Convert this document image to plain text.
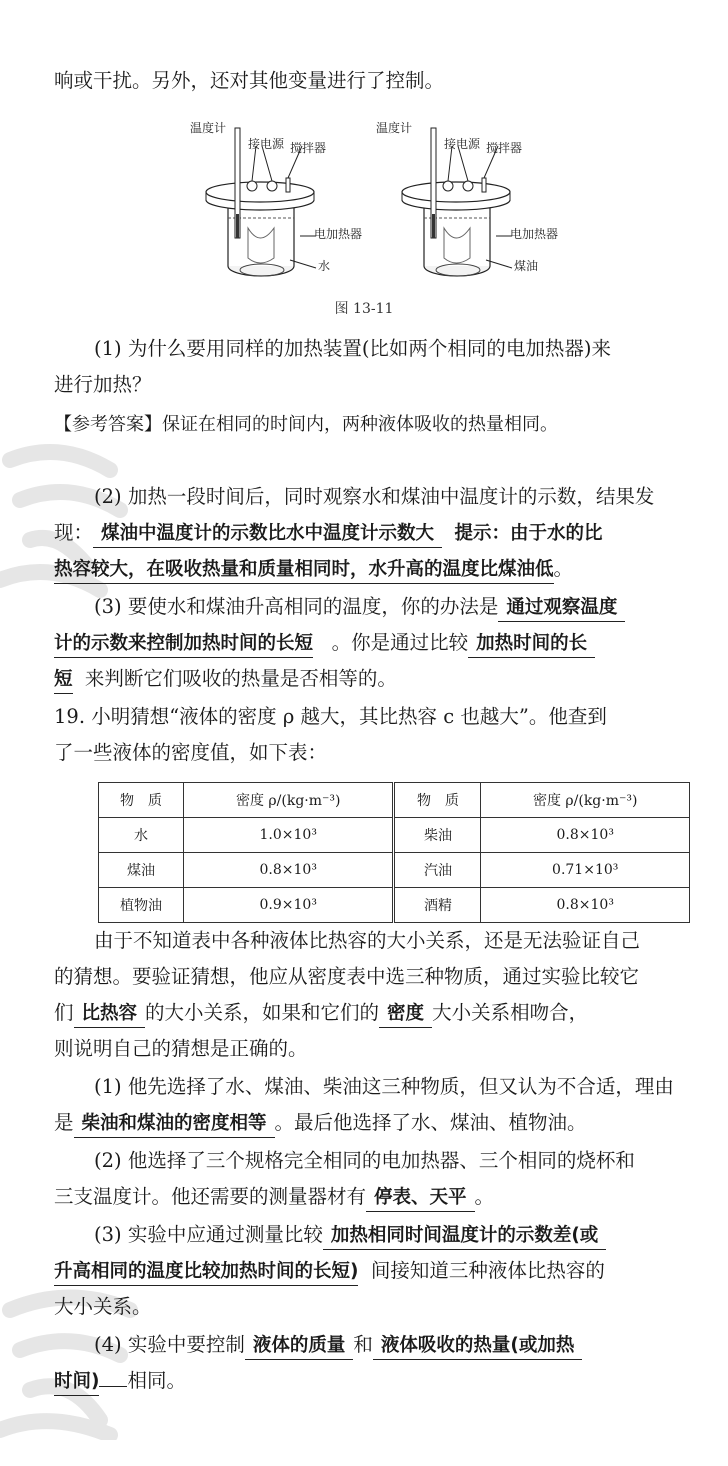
响或干扰。另外，还对其他变量进行了控制。
温度计
接电源 搅拌器
电加热器
水
温度计
接电源 搅拌器
电加热器
煤油
图 13-11
(1) 为什么要用同样的加热装置(比如两个相同的电加热器)来
进行加热？
【参考答案】保证在相同的时间内，两种液体吸收的热量相同。
(2) 加热一段时间后，同时观察水和煤油中温度计的示数，结果发
现： 煤油中温度计的示数比水中温度计示数大 提示：由于水的比
热容较大，在吸收热量和质量相同时，水升高的温度比煤油低。
(3) 要使水和煤油升高相同的温度，你的办法是 通过观察温度
计的示数来控制加热时间的长短 。你是通过比较 加热时间的长
短 来判断它们吸收的热量是否相等的。
19. 小明猜想“液体的密度 ρ 越大，其比热容 c 也越大”。他查到
了一些液体的密度值，如下表：
物　质	密度 ρ/(kg·m⁻³)	物　质	密度 ρ/(kg·m⁻³)
水	1.0×10³	柴油	0.8×10³
煤油	0.8×10³	汽油	0.71×10³
植物油	0.9×10³	酒精	0.8×10³
由于不知道表中各种液体比热容的大小关系，还是无法验证自己
的猜想。要验证猜想，他应从密度表中选三种物质，通过实验比较它
们 比热容 的大小关系，如果和它们的 密度 大小关系相吻合，
则说明自己的猜想是正确的。
(1) 他先选择了水、煤油、柴油这三种物质，但又认为不合适，理由
是 柴油和煤油的密度相等 。最后他选择了水、煤油、植物油。
(2) 他选择了三个规格完全相同的电加热器、三个相同的烧杯和
三支温度计。他还需要的测量器材有 停表、天平 。
(3) 实验中应通过测量比较 加热相同时间温度计的示数差(或
升高相同的温度比较加热时间的长短) 间接知道三种液体比热容的
大小关系。
(4) 实验中要控制 液体的质量 和 液体吸收的热量(或加热
时间) 相同。
